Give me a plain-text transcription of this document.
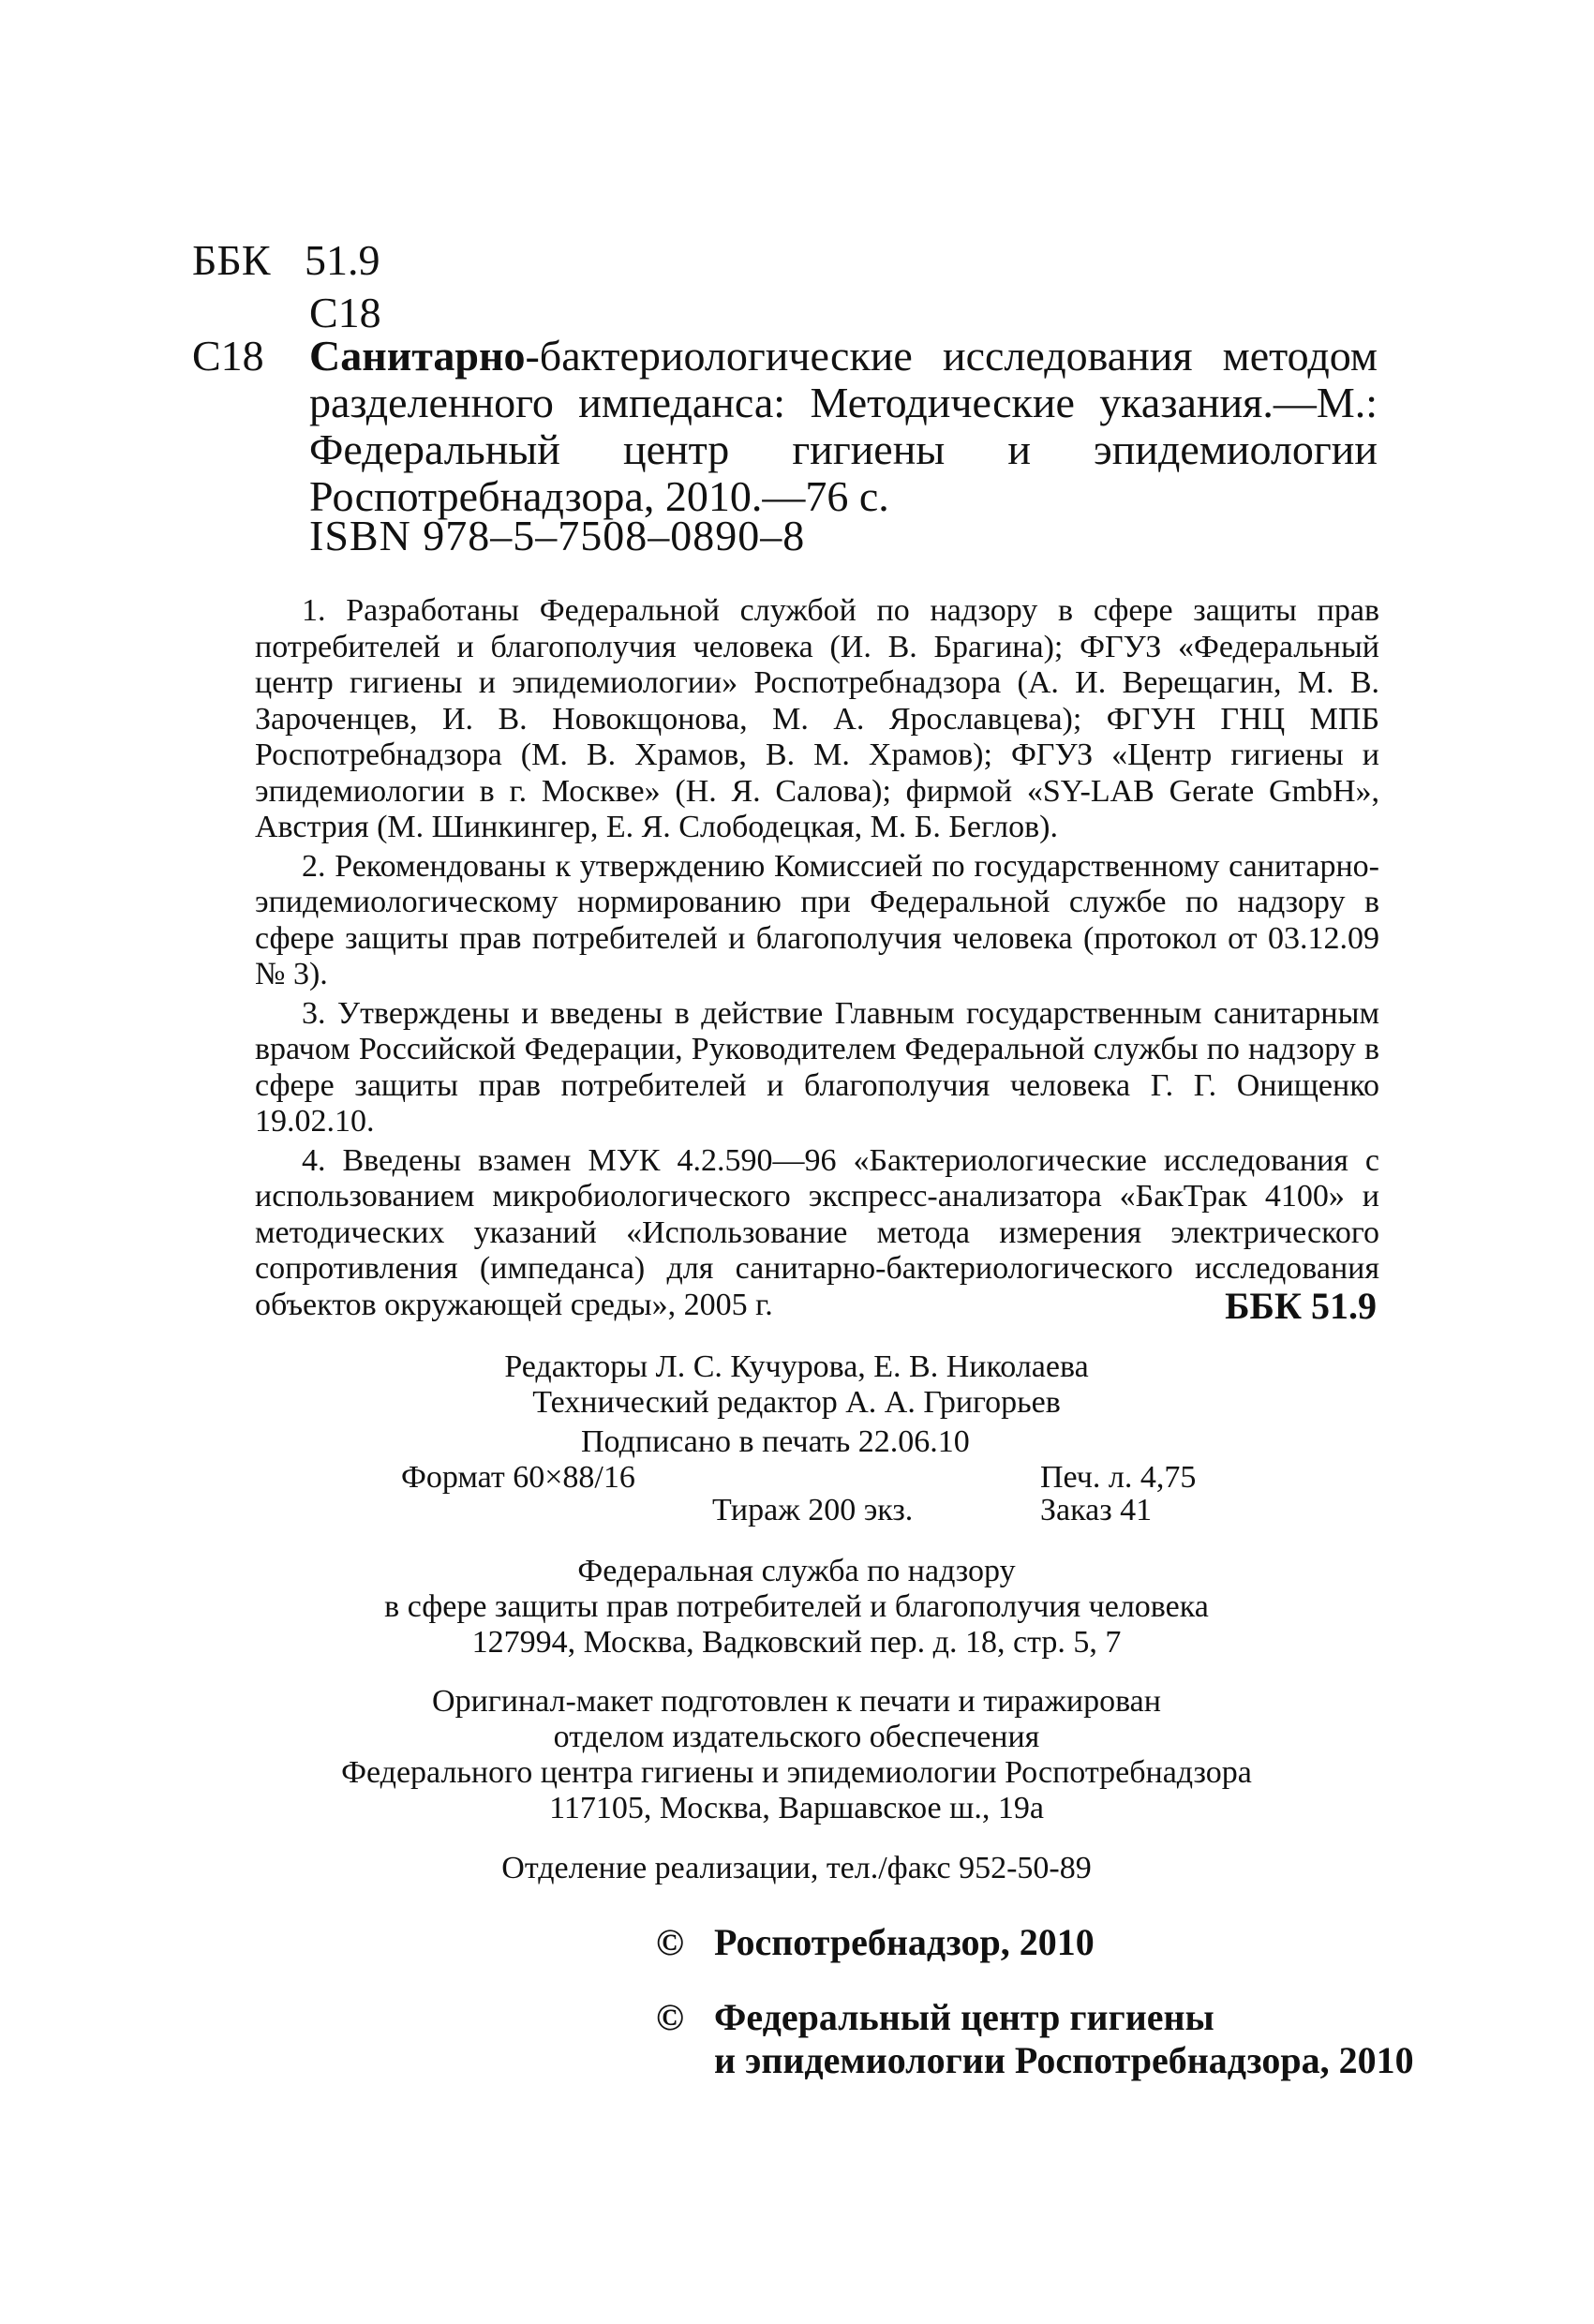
ББК 51.9
С18
С18 Санитарно-бактериологические исследования методом разделенного импеданса: Методические указания.—М.: Федеральный центр гигиены и эпидемиологии Роспотребнадзора, 2010.—76 с.
ISBN 978–5–7508–0890–8

1. Разработаны Федеральной службой по надзору в сфере защиты прав потребителей и благополучия человека (И. В. Брагина); ФГУЗ «Федеральный центр гигиены и эпидемиологии» Роспотребнадзора (А. И. Верещагин, М. В. Зароченцев, И. В. Новокщонова, М. А. Ярославцева); ФГУН ГНЦ МПБ Роспотребнадзора (М. В. Храмов, В. М. Храмов); ФГУЗ «Центр гигиены и эпидемиологии в г. Москве» (Н. Я. Салова); фирмой «SY-LAB Gerate GmbH», Австрия (М. Шинкингер, Е. Я. Слободецкая, М. Б. Беглов).

2. Рекомендованы к утверждению Комиссией по государственному санитарно-эпидемиологическому нормированию при Федеральной службе по надзору в сфере защиты прав потребителей и благополучия человека (протокол от 03.12.09 № 3).

3. Утверждены и введены в действие Главным государственным санитарным врачом Российской Федерации, Руководителем Федеральной службы по надзору в сфере защиты прав потребителей и благополучия человека Г. Г. Онищенко 19.02.10.

4. Введены взамен МУК 4.2.590—96 «Бактериологические исследования с использованием микробиологического экспресс-анализатора «БакТрак 4100» и методических указаний «Использование метода измерения электрического сопротивления (импеданса) для санитарно-бактериологического исследования объектов окружающей среды», 2005 г.	ББК 51.9
Редакторы Л. С. Кучурова, Е. В. Николаева
Технический редактор А. А. Григорьев
Подписано в печать 22.06.10
Формат 60×88/16	Печ. л. 4,75
Тираж 200 экз.	Заказ 41
Федеральная служба по надзору
в сфере защиты прав потребителей и благополучия человека
127994, Москва, Вадковский пер. д. 18, стр. 5, 7
Оригинал-макет подготовлен к печати и тиражирован
отделом издательского обеспечения
Федерального центра гигиены и эпидемиологии Роспотребнадзора
117105, Москва, Варшавское ш., 19а
Отделение реализации, тел./факс 952-50-89
© Роспотребнадзор, 2010
© Федеральный центр гигиены
и эпидемиологии Роспотребнадзора, 2010
